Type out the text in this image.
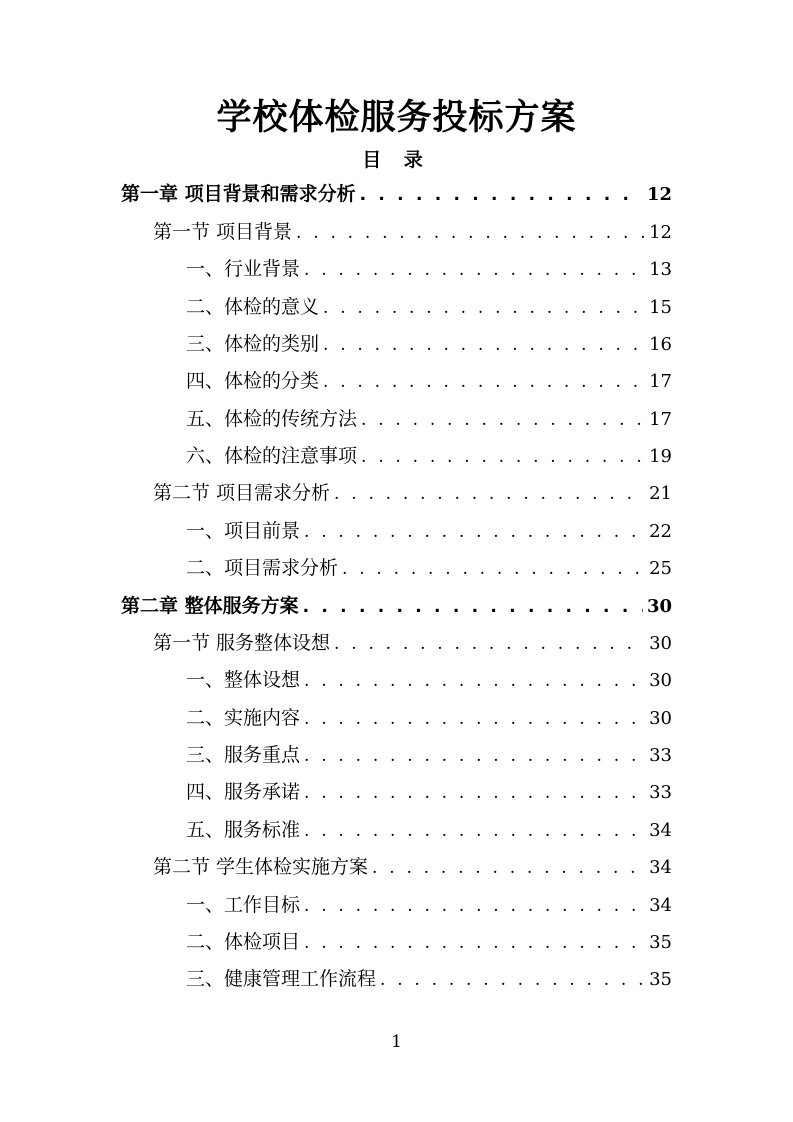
学校体检服务投标方案
目 录
第一章 项目背景和需求分析 . . .	12
第一节 项目背景 . . .	12
一、行业背景 . . .	13
二、体检的意义 . . .	15
三、体检的类别 . . .	16
四、体检的分类 . . .	17
五、体检的传统方法 . . .	17
六、体检的注意事项 . . .	19
第二节 项目需求分析 . . .	21
一、项目前景 . . .	22
二、项目需求分析 . . .	25
第二章 整体服务方案 . . .	30
第一节 服务整体设想 . . .	30
一、整体设想 . . .	30
二、实施内容 . . .	30
三、服务重点 . . .	33
四、服务承诺 . . .	33
五、服务标准 . . .	34
第二节 学生体检实施方案 . . .	34
一、工作目标 . . .	34
二、体检项目 . . .	35
三、健康管理工作流程 . . .	35
1
